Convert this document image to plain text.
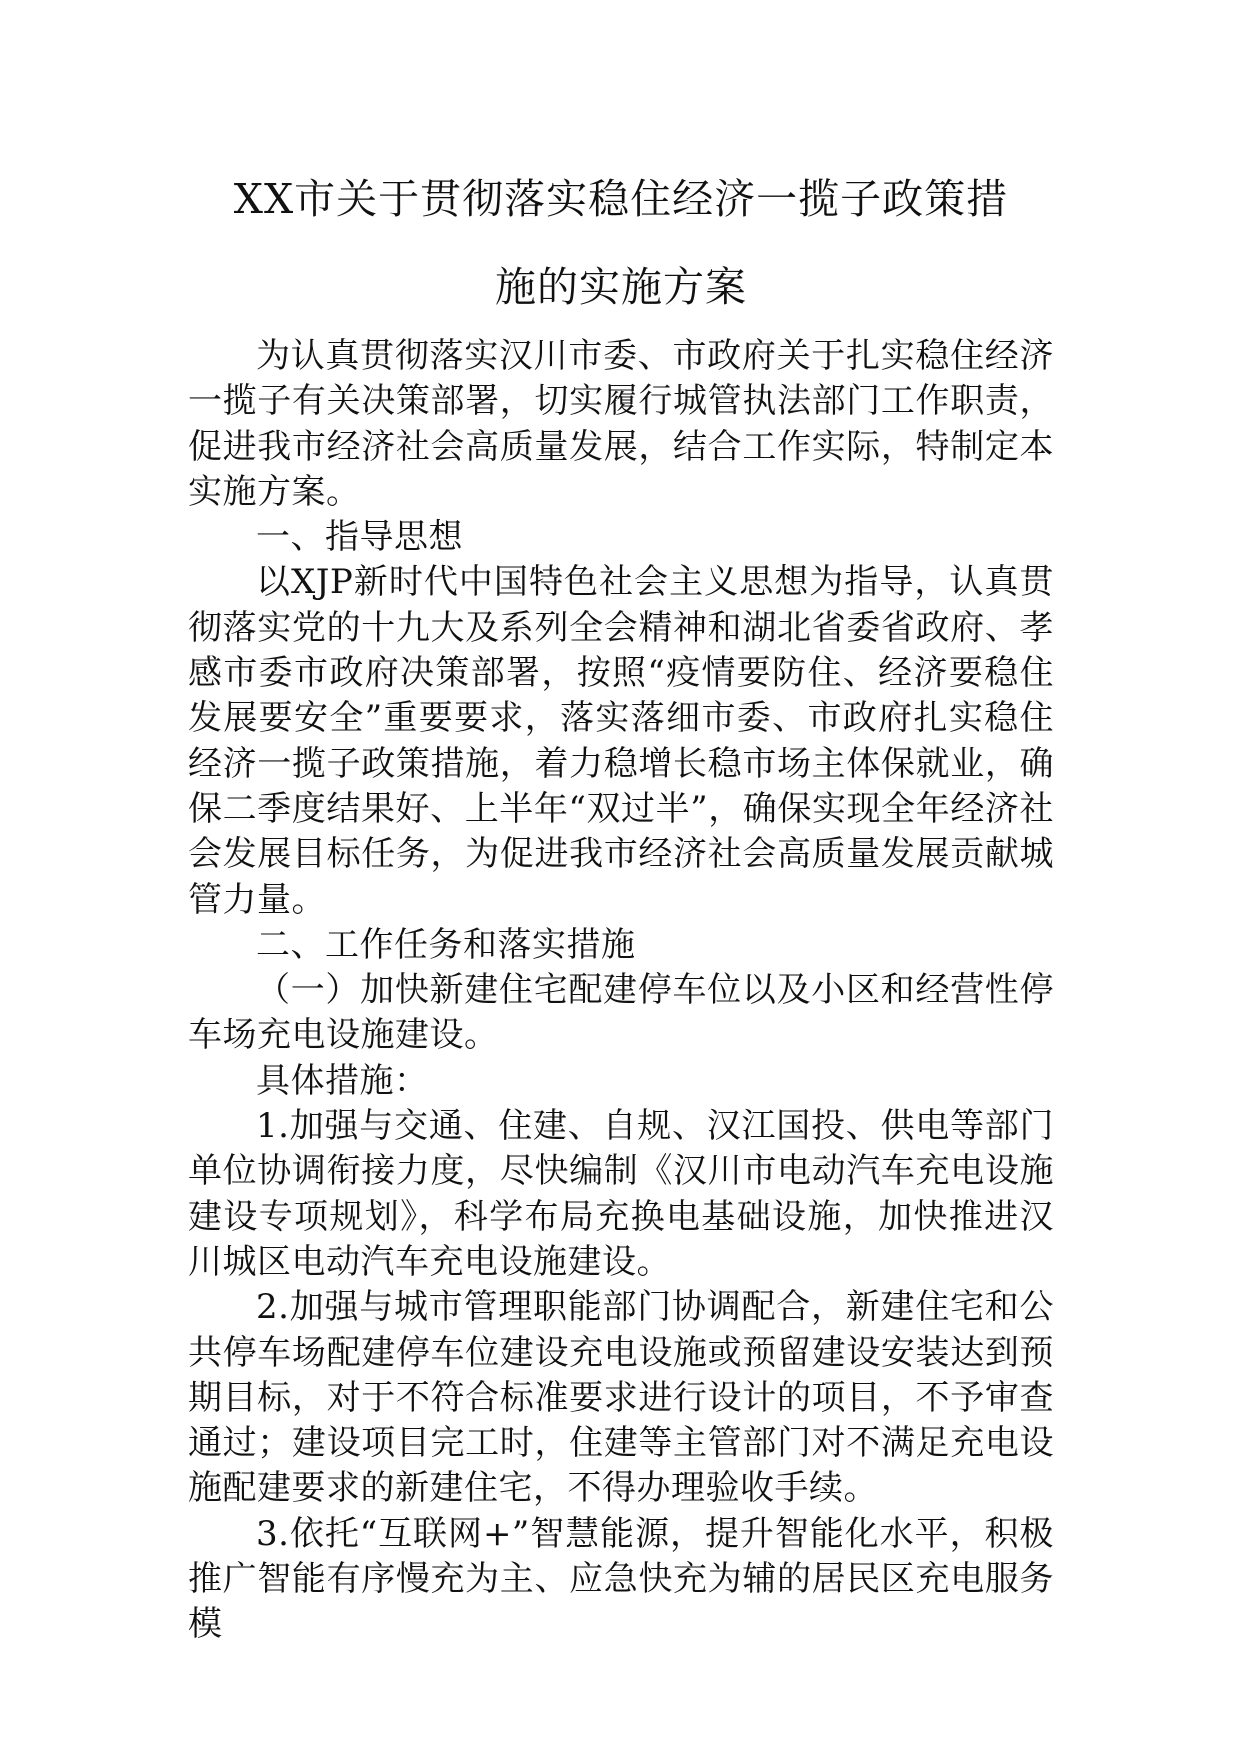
XX市关于贯彻落实稳住经济一揽子政策措
施的实施方案

为认真贯彻落实汉川市委、市政府关于扎实稳住经济一揽子有关决策部署，切实履行城管执法部门工作职责，促进我市经济社会高质量发展，结合工作实际，特制定本实施方案。

一、指导思想

以XJP新时代中国特色社会主义思想为指导，认真贯彻落实党的十九大及系列全会精神和湖北省委省政府、孝感市委市政府决策部署，按照“疫情要防住、经济要稳住发展要安全”重要要求，落实落细市委、市政府扎实稳住经济一揽子政策措施，着力稳增长稳市场主体保就业，确保二季度结果好、上半年“双过半”，确保实现全年经济社会发展目标任务，为促进我市经济社会高质量发展贡献城管力量。

二、工作任务和落实措施

（一）加快新建住宅配建停车位以及小区和经营性停车场充电设施建设。

具体措施：

1.加强与交通、住建、自规、汉江国投、供电等部门单位协调衔接力度，尽快编制《汉川市电动汽车充电设施建设专项规划》，科学布局充换电基础设施，加快推进汉川城区电动汽车充电设施建设。

2.加强与城市管理职能部门协调配合，新建住宅和公共停车场配建停车位建设充电设施或预留建设安装达到预期目标，对于不符合标准要求进行设计的项目，不予审查通过；建设项目完工时，住建等主管部门对不满足充电设施配建要求的新建住宅，不得办理验收手续。

3.依托“互联网+”智慧能源，提升智能化水平，积极推广智能有序慢充为主、应急快充为辅的居民区充电服务模
